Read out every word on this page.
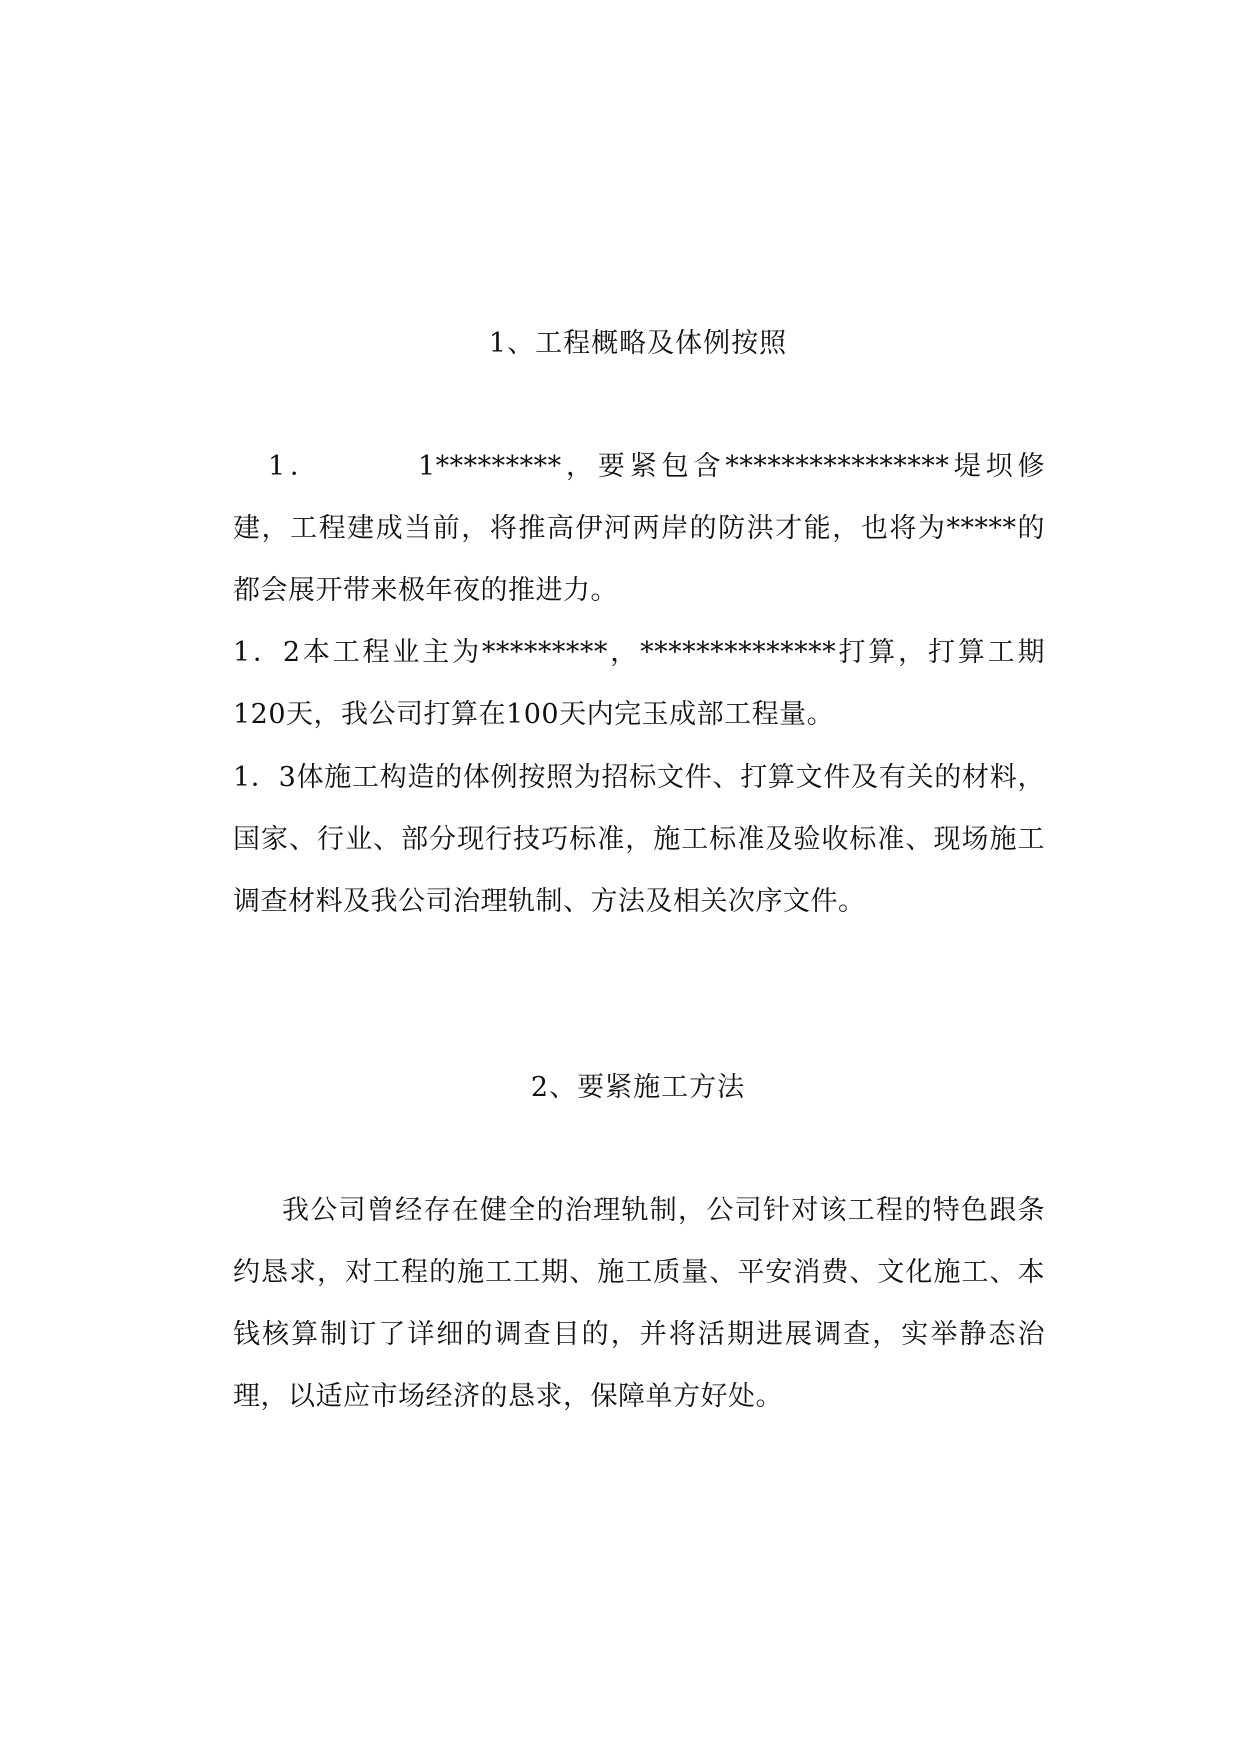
1、工程概略及体例按照

1．	1*********，要紧包含****************堤坝修建，工程建成当前，将推高伊河两岸的防洪才能，也将为*****的都会展开带来极年夜的推进力。

1．2本工程业主为*********，**************打算，打算工期120天，我公司打算在100天内完玉成部工程量。

1．3体施工构造的体例按照为招标文件、打算文件及有关的材料，国家、行业、部分现行技巧标准，施工标准及验收标准、现场施工调查材料及我公司治理轨制、方法及相关次序文件。

2、要紧施工方法

我公司曾经存在健全的治理轨制，公司针对该工程的特色跟条约恳求，对工程的施工工期、施工质量、平安消费、文化施工、本钱核算制订了详细的调查目的，并将活期进展调查，实举静态治理，以适应市场经济的恳求，保障单方好处。
